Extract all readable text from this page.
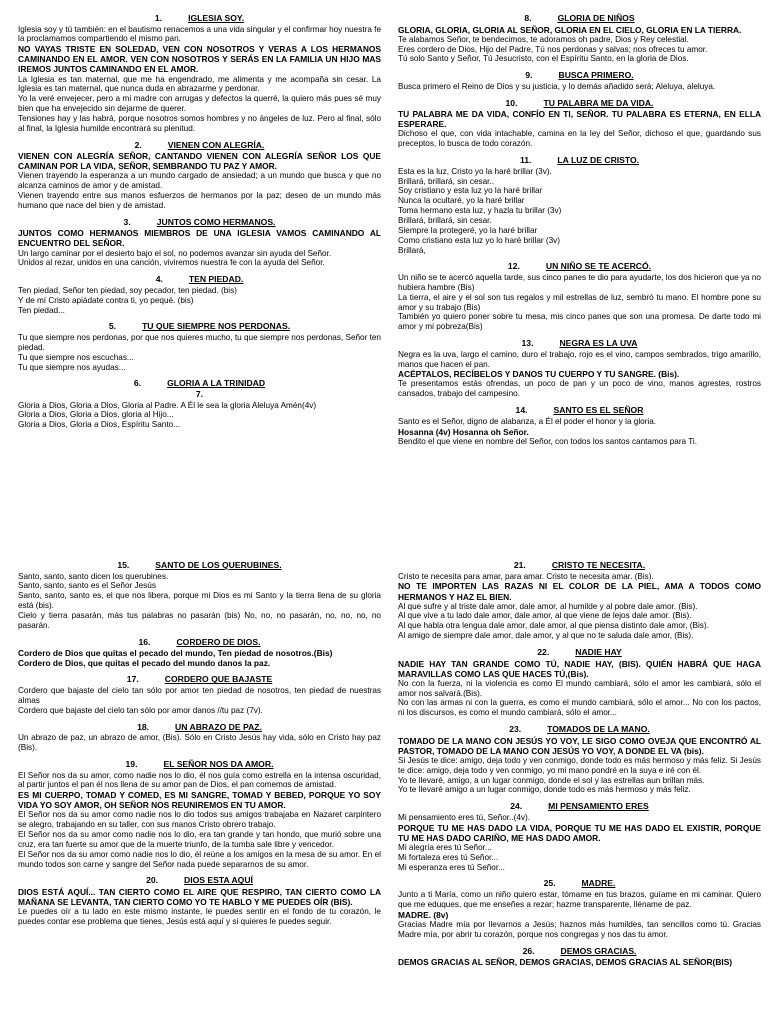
1.	IGLESIA SOY.
Iglesia soy y tú también: en el bautismo renacemos a una vida singular y el confirmar hoy nuestra fe la proclamamos compartiendo el mismo pan.
NO VAYAS TRISTE EN SOLEDAD, VEN CON NOSOTROS Y VERAS A LOS HERMANOS CAMINANDO EN EL AMOR. VEN CON NOSOTROS Y SERÁS EN LA FAMILIA UN HIJO MAS IREMOS JUNTOS CAMINANDO EN EL AMOR.
La Iglesia es tan maternal, que me ha engendrado, me alimenta y me acompaña sin cesar. La Iglesia es tan maternal, que nunca duda en abrazarme y perdonar.
Yo la veré envejecer, pero a mi madre con arrugas y defectos la querré, la quiero más pues sé muy bien que ha envejecido sin dejarme de querer.
Tensiones hay y las habrá, porque nosotros somos hombres y no ángeles de luz. Pero al final, sólo al final, la Iglesia humilde encontrará su plenitud.
2.	VIENEN CON ALEGRÍA.
VIENEN CON ALEGRÍA SEÑOR, CANTANDO VIENEN CON ALEGRÍA SEÑOR LOS QUE CAMINAN POR LA VIDA, SEÑOR, SEMBRANDO TU PAZ Y AMOR.
Vienen trayendo la esperanza a un mundo cargado de ansiedad; a un mundo que busca y que no alcanza caminos de amor y de amistad.
Vienen trayendo entre sus manos esfuerzos de hermanos por la paz; deseo de un mundo más humano que nace del bien y de amistad.
3.	JUNTOS COMO HERMANOS.
JUNTOS COMO HERMANOS MIEMBROS DE UNA IGLESIA VAMOS CAMINANDO AL ENCUENTRO DEL SEÑOR.
Un largo caminar por el desierto bajo el sol, no podemos avanzar sin ayuda del Señor.
Unidos al rezar, unidos en una canción, viviremos nuestra fe con la ayuda del Señor.
4.	TEN PIEDAD.
Ten piedad, Señor ten piedad, soy pecador, ten piedad. (bis)
Y de mí Cristo apiádate contra ti, yo pequé. (bis)
Ten piedad...
5.	TU QUE SIEMPRE NOS PERDONAS.
Tu que siempre nos perdonas, por que nos quieres mucho, tu que siempre nos perdonas, Señor ten piedad.
Tu que siempre nos escuchas...
Tu que siempre nos ayudas...
6.	GLORIA A LA TRINIDAD
7.
Gloria a Dios, Gloria a Dios, Gloria al Padre. A Él le sea la gloria Aleluya Amén(4v)
Gloria a Dios, Gloria a Dios, gloria al Hijo...
Gloria a Dios, Gloria a Dios, Espíritu Santo...
8.	GLORIA DE NIÑOS
GLORIA, GLORIA, GLORIA AL SEÑOR, GLORIA EN EL CIELO, GLORIA EN LA TIERRA.
Te alabamos Señor, te bendecimos, te adoramos oh padre, Dios y Rey celestial.
Eres cordero de Dios, Hijo del Padre, Tú nos perdonas y salvas; nos ofreces tu amor.
Tú solo Santo y Señor, Tú Jesucristo, con el Espíritu Santo, en la gloria de Dios.
9.	BUSCA PRIMERO.
Busca primero el Reino de Dios y su justicia, y lo demás añadido será; Aleluya, aleluya.
10.	TU PALABRA ME DA VIDA.
TU PALABRA ME DA VIDA, CONFÍO EN TI, SEÑOR. TU PALABRA ES ETERNA, EN ELLA ESPERARE.
Dichoso el que, con vida intachable, camina en la ley del Señor, dichoso el que, guardando sus preceptos, lo busca de todo corazón.
11.	LA LUZ DE CRISTO.
Esta es la luz, Cristo yo la haré brillar (3v).
Brillará, brillará, sin cesar..
Soy cristiano y esta luz yo la haré brillar
Nunca la ocultaré, yo la haré brillar
Toma hermano esta luz, y hazla tu brillar (3v)
Brillará, brillará, sin cesar.
Siempre la protegeré, yo la haré brillar
Como cristiano esta luz yo lo haré brillar (3v)
Brillará,
12.	UN NIÑO SE TE ACERCÓ.
Un niño se te acercó aquella tarde, sus cinco panes te dio para ayudarte, los dos hicieron que ya no hubiera hambre (Bis)
La tierra, el aire y el sol son tus regalos y mil estrellas de luz, sembró tu mano. El hombre pone su amor y su trabajo (Bis)
También yo quiero poner sobre tu mesa, mis cinco panes que son una promesa. De darte todo mi amor y mi pobreza(Bis)
13.	NEGRA ES LA UVA
Negra es la uva, largo el camino, duro el trabajo, rojo es el vino, campos sembrados, trigo amarillo, manos que hacen el pan.
ACÉPTALOS, RECÍBELOS Y DANOS TU CUERPO Y TU SANGRE. (Bis).
Te presentamos estás ofrendas, un poco de pan y un poco de vino, manos agrestes, rostros cansados, trabajo del campesino.
14.	SANTO ES EL SEÑOR
Santo es el Señor, digno de alabanza, a Él el poder el honor y la gloria.
Hosanna (4v) Hosanna oh Señor.
Bendito el que viene en nombre del Señor, con todos los santos cantamos para Ti.
15.	SANTO DE LOS QUERUBINES.
Santo, santo, santo dicen los querubines.
Santo, santo, santo es el Señor Jesús
Santo, santo, santo es, el que nos libera, porque mi Dios es mi Santo y la tierra llena de su gloria está (bis).
Cielo y tierra pasarán, más tus palabras no pasarán (bis) No, no, no pasarán, no, no, no, no pasarán.
16.	CORDERO DE DIOS.
Cordero de Dios que quitas el pecado del mundo, Ten piedad de nosotros.(Bis)
Cordero de Dios, que quitas el pecado del mundo danos la paz.
17.	CORDERO QUE BAJASTE
Cordero que bajaste del cielo tan sólo por amor ten piedad de nosotros, ten piedad de nuestras almas
Cordero que bajaste del cielo tan sólo por amor danos //tu paz (7v).
18.	UN ABRAZO DE PAZ.
Un abrazo de paz, un abrazo de amor, (Bis). Sólo en Cristo Jesús hay vida, sólo en Cristo hay paz (Bis).
19.	EL SEÑOR NOS DA AMOR.
El Señor nos da su amor, como nadie nos lo dio, él nos guía como estrella en la intensa oscuridad, al partir juntos el pan él nos llena de su amor pan de Dios, el pan comemos de amistad.
ES MI CUERPO, TOMAD Y COMED, ES MI SANGRE, TOMAD Y BEBED, PORQUE YO SOY VIDA YO SOY AMOR, OH SEÑOR NOS REUNIREMOS EN TU AMOR.
El Señor nos da su amor como nadie nos lo dio todos sus amigos trabajaba en Nazaret carpintero se alegro, trabajando en su taller, con sus manos Cristo obrero trabajo.
El Señor nos da su amor como nadie nos lo dio, era tan grande y tan hondo, que murió sobre una cruz, era tan fuerte su amor que de la muerte triunfo, de la tumba sale libre y vencedor.
El Señor nos da su amor como nadie nos lo dio, él reúne a los amigos en la mesa de su amor. En el mundo todos son carne y sangre del Señor nada puede separarnos de su amor.
20.	DIOS ESTA AQUÍ
DIOS ESTÁ AQUÍ... TAN CIERTO COMO EL AIRE QUE RESPIRO, TAN CIERTO COMO LA MAÑANA SE LEVANTA, TAN CIERTO COMO YO TE HABLO Y ME PUEDES OÍR (BIS).
Le puedes oír a tu lado en este mismo instante, le puedes sentir en el fondo de tu corazón, le puedes contar ese problema que tienes, Jesús está aquí y si quieres le puedes seguir.
21.	CRISTO TE NECESITA.
Cristo te necesita para amar, para amar. Cristo te necesita amar. (Bis).
NO TE IMPORTEN LAS RAZAS NI EL COLOR DE LA PIEL, AMA A TODOS COMO HERMANOS Y HAZ EL BIEN.
Al que sufre y al triste dale amor, dale amor, al humilde y al pobre dale amor. (Bis).
Al que vive a tu lado dale amor, dale amor, al que viene de lejos dale amor. (Bis).
Al que habla otra lengua dale amor, dale amor, al que piensa distinto dale amor, (Bis).
Al amigo de siempre dale amor, dale amor, y al que no te saluda dale amor, (Bis).
22.	NADIE HAY
NADIE HAY TAN GRANDE COMO TÚ, NADIE HAY, (BIS). QUIÉN HABRÁ QUE HAGA MARAVILLAS COMO LAS QUE HACES TÚ,(Bis).
No con la fuerza, ni la violencia es como El mundo cambiará, sólo el amor les cambiará, sólo el amor nos salvará.(Bis).
No con las armas ni con la guerra, es como el mundo cambiará, sólo el amor... No con los pactos, ni los discursos, es como el mundo cambiará, sólo el amor...
23.	TOMADOS DE LA MANO.
TOMADO DE LA MANO CON JESÚS YO VOY, LE SIGO COMO OVEJA QUE ENCONTRÓ AL PASTOR, TOMADO DE LA MANO CON JESÚS YO VOY, A DONDE EL VA (bis).
Si Jesús te dice: amigo, deja todo y ven conmigo, donde todo es más hermoso y más feliz. Si Jesús te dice: amigo, deja todo y ven conmigo, yo mi mano pondré en la suya e iré con él.
Yo te llevaré, amigo, a un lugar conmigo, donde el sol y las estrellas aun brillan más.
Yo te llevaré amigo a un lugar conmigo, donde todo es más hermoso y más feliz.
24.	MI PENSAMIENTO ERES
Mi pensamiento eres tú, Señor..(4v).
PORQUE TU ME HAS DADO LA VIDA, PORQUE TU ME HAS DADO EL EXISTIR, PORQUE TU ME HAS DADO CARIÑO, ME HAS DADO AMOR.
Mi alegría eres tú Señor...
Mi fortaleza eres tú Señor...
Mi esperanza eres tú Señor...
25.	MADRE.
Junto a ti María, como un niño quiero estar, tómame en tus brazos, guíame en mi caminar. Quiero que me eduques, que me enseñes a rezar; hazme transparente, lléname de paz.
MADRE. (8v)
Gracias Madre mía por llevarnos a Jesús; haznos más humildes, tan sencillos como tú. Gracias Madre mía, por abrir tu corazón, porque nos congregas y nos das tu amor.
26.	DEMOS GRACIAS.
DEMOS GRACIAS AL SEÑOR, DEMOS GRACIAS, DEMOS GRACIAS AL SEÑOR(BIS)
